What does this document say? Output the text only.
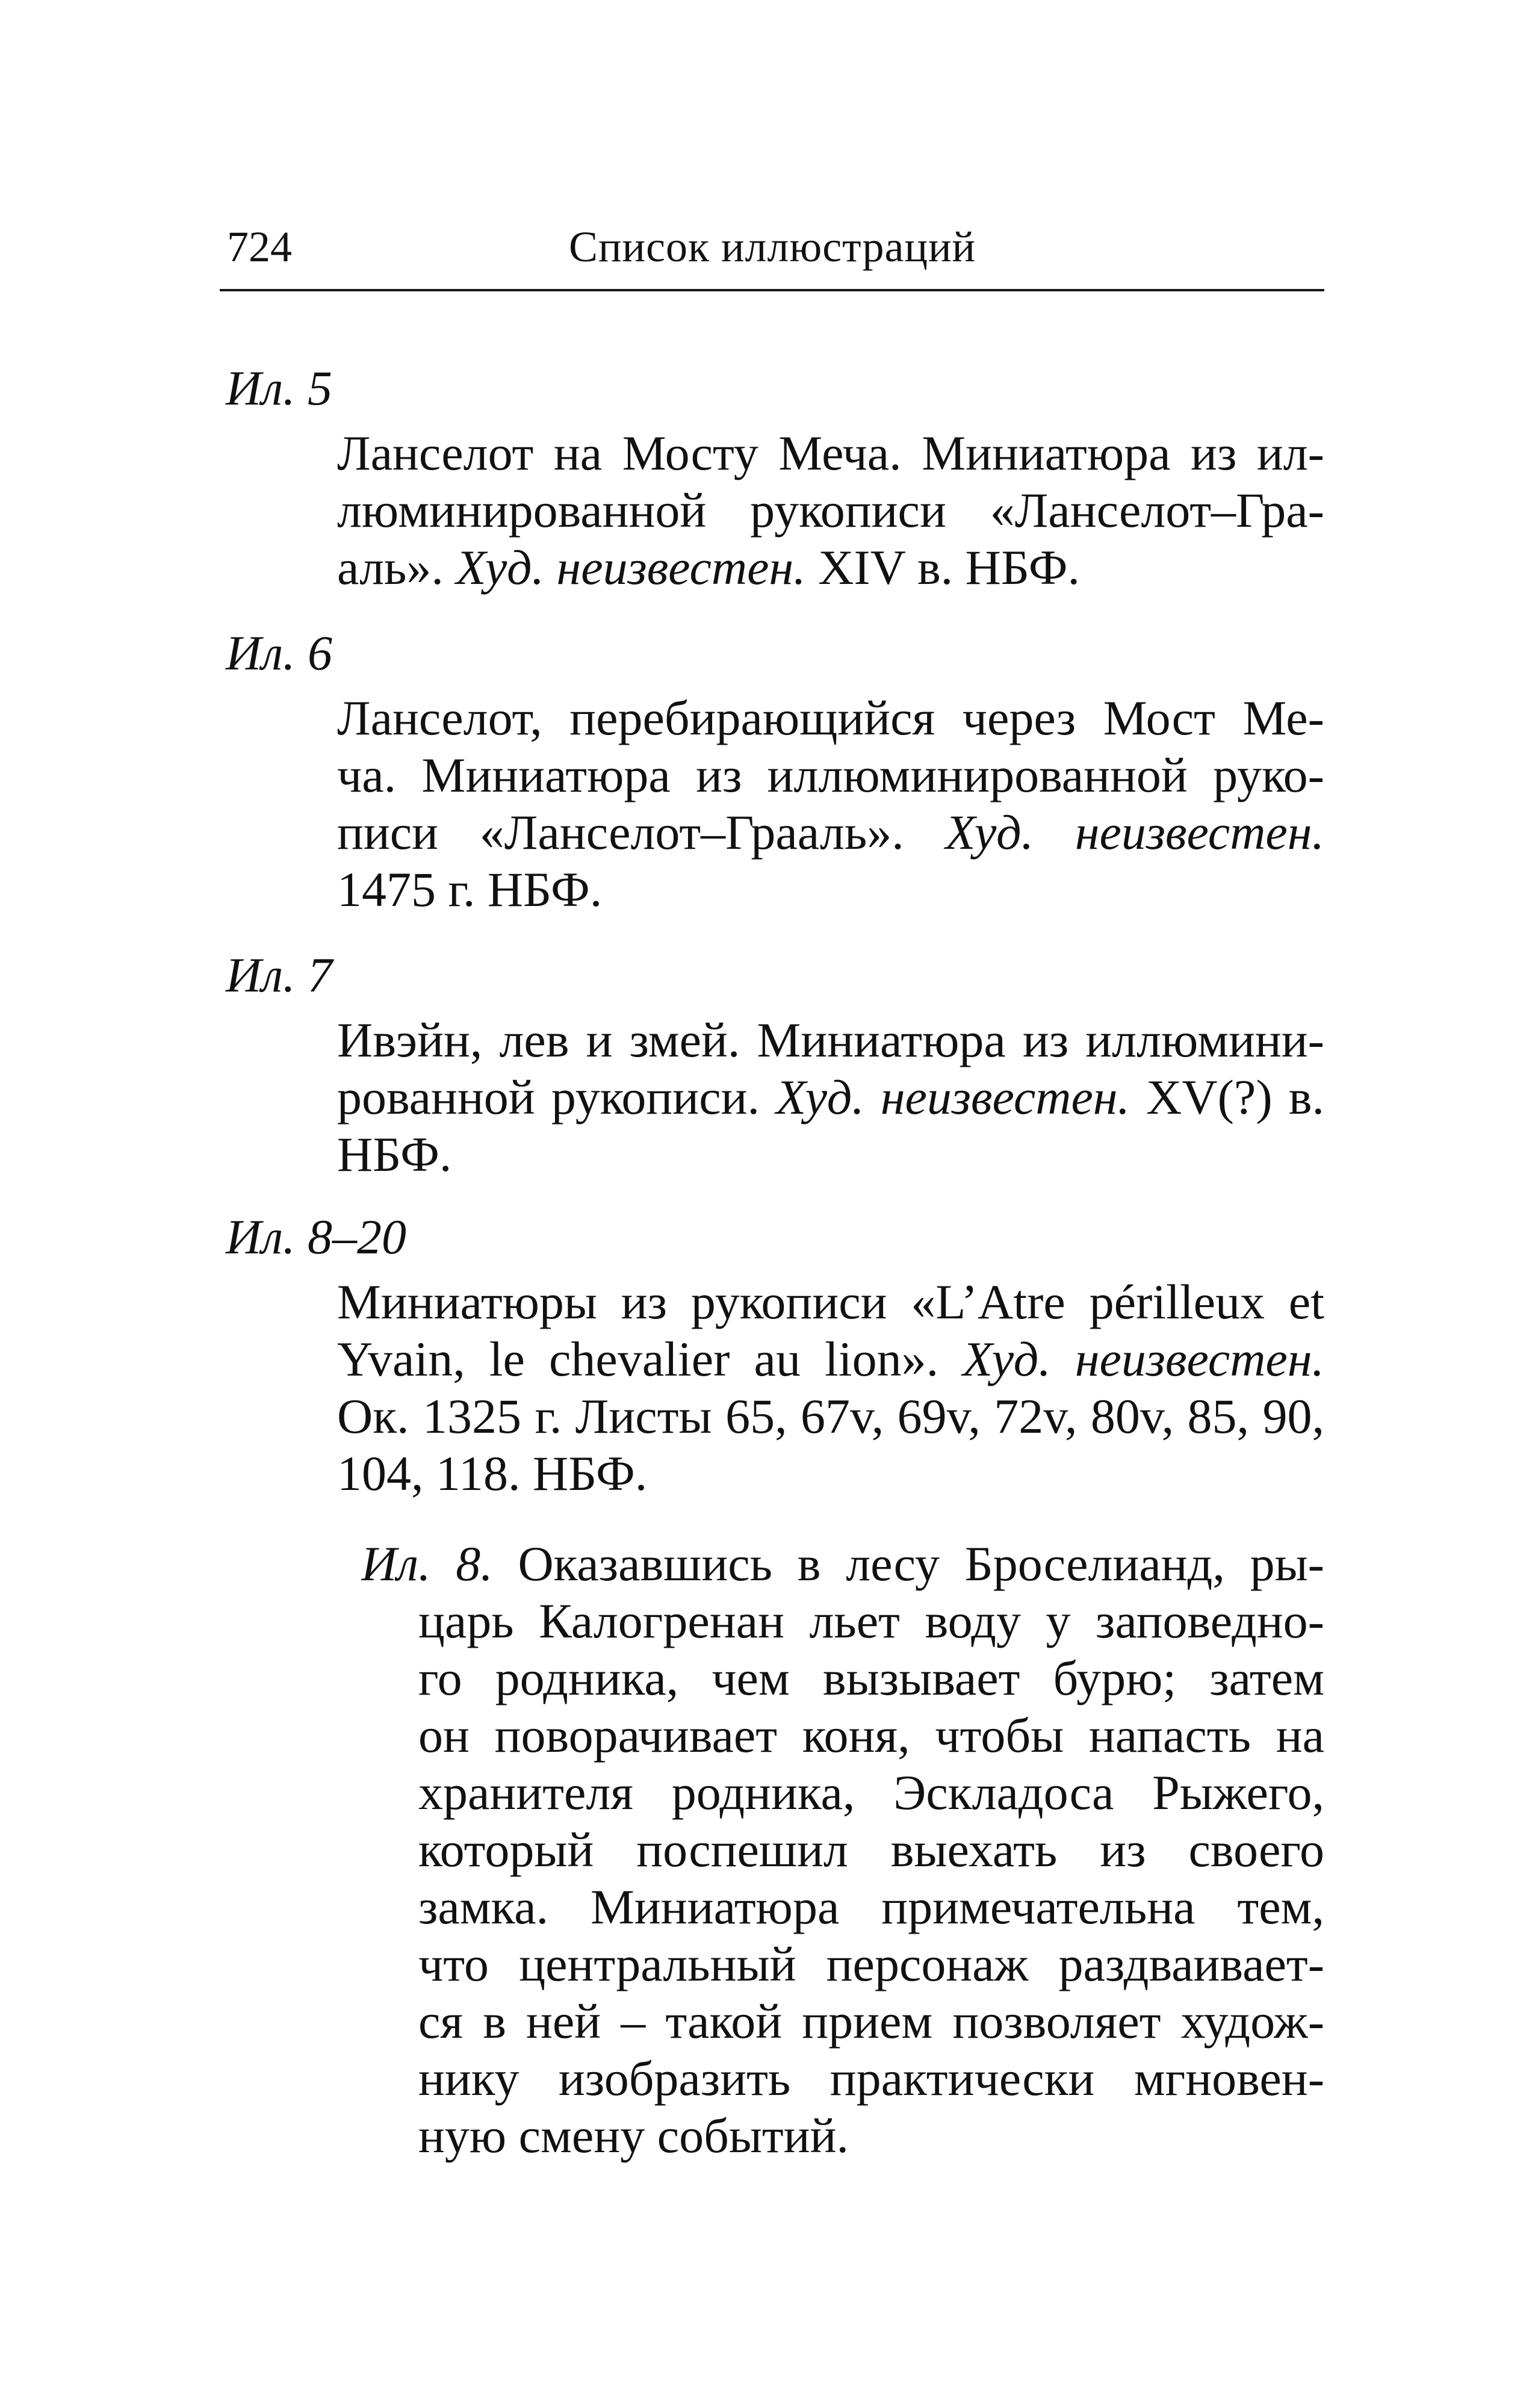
724	Список иллюстраций
Ил. 5
Ланселот на Мосту Меча. Миниатюра из ил-
люминированной рукописи «Ланселот–Гра-
аль». Худ. неизвестен. XIV в. НБФ.
Ил. 6
Ланселот, перебирающийся через Мост Ме-
ча. Миниатюра из иллюминированной руко-
писи «Ланселот–Грааль». Худ. неизвестен.
1475 г. НБФ.
Ил. 7
Ивэйн, лев и змей. Миниатюра из иллюмини-
рованной рукописи. Худ. неизвестен. XV(?) в.
НБФ.
Ил. 8–20
Миниатюры из рукописи «L’Atre périlleux et
Yvain, le chevalier au lion». Худ. неизвестен.
Ок. 1325 г. Листы 65, 67v, 69v, 72v, 80v, 85, 90,
104, 118. НБФ.
Ил. 8. Оказавшись в лесу Броселианд, ры-
царь Калогренан льет воду у заповедно-
го родника, чем вызывает бурю; затем
он поворачивает коня, чтобы напасть на
хранителя родника, Эскладоса Рыжего,
который поспешил выехать из своего
замка. Миниатюра примечательна тем,
что центральный персонаж раздваивает-
ся в ней – такой прием позволяет худож-
нику изобразить практически мгновен-
ную смену событий.
